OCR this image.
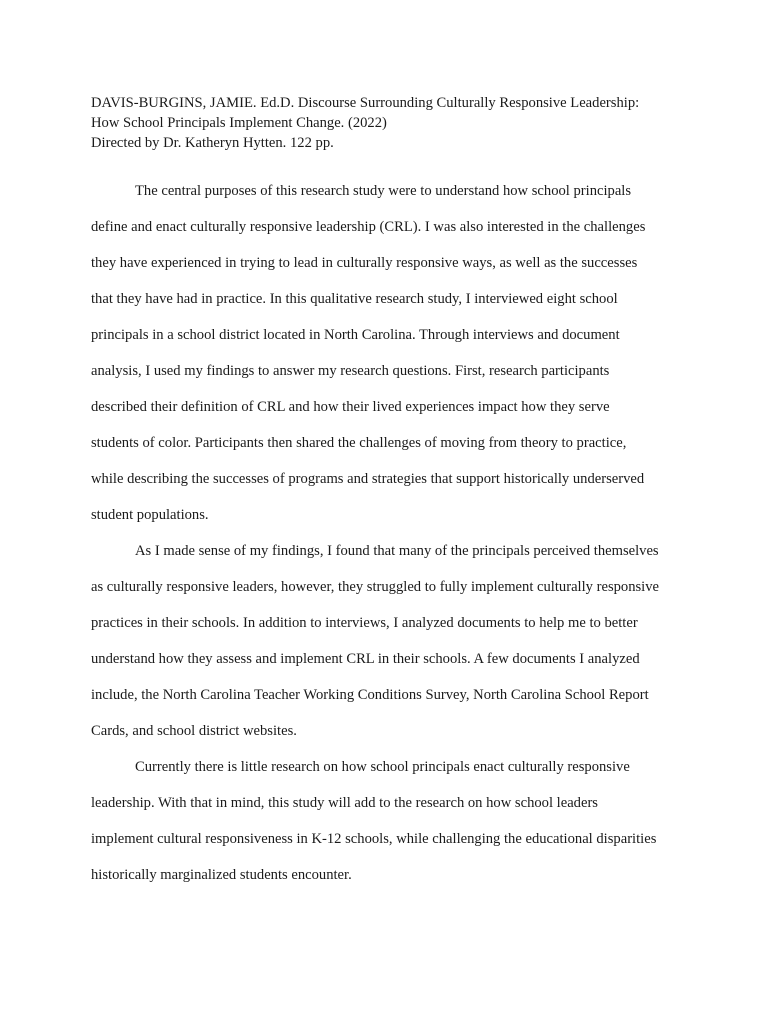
DAVIS-BURGINS, JAMIE. Ed.D. Discourse Surrounding Culturally Responsive Leadership:
How School Principals Implement Change. (2022)
Directed by Dr. Katheryn Hytten. 122 pp.
The central purposes of this research study were to understand how school principals
define and enact culturally responsive leadership (CRL). I was also interested in the challenges
they have experienced in trying to lead in culturally responsive ways, as well as the successes
that they have had in practice. In this qualitative research study, I interviewed eight school
principals in a school district located in North Carolina. Through interviews and document
analysis, I used my findings to answer my research questions. First, research participants
described their definition of CRL and how their lived experiences impact how they serve
students of color. Participants then shared the challenges of moving from theory to practice,
while describing the successes of programs and strategies that support historically underserved
student populations.
As I made sense of my findings, I found that many of the principals perceived themselves
as culturally responsive leaders, however, they struggled to fully implement culturally responsive
practices in their schools. In addition to interviews, I analyzed documents to help me to better
understand how they assess and implement CRL in their schools. A few documents I analyzed
include, the North Carolina Teacher Working Conditions Survey, North Carolina School Report
Cards, and school district websites.
Currently there is little research on how school principals enact culturally responsive
leadership. With that in mind, this study will add to the research on how school leaders
implement cultural responsiveness in K-12 schools, while challenging the educational disparities
historically marginalized students encounter.
